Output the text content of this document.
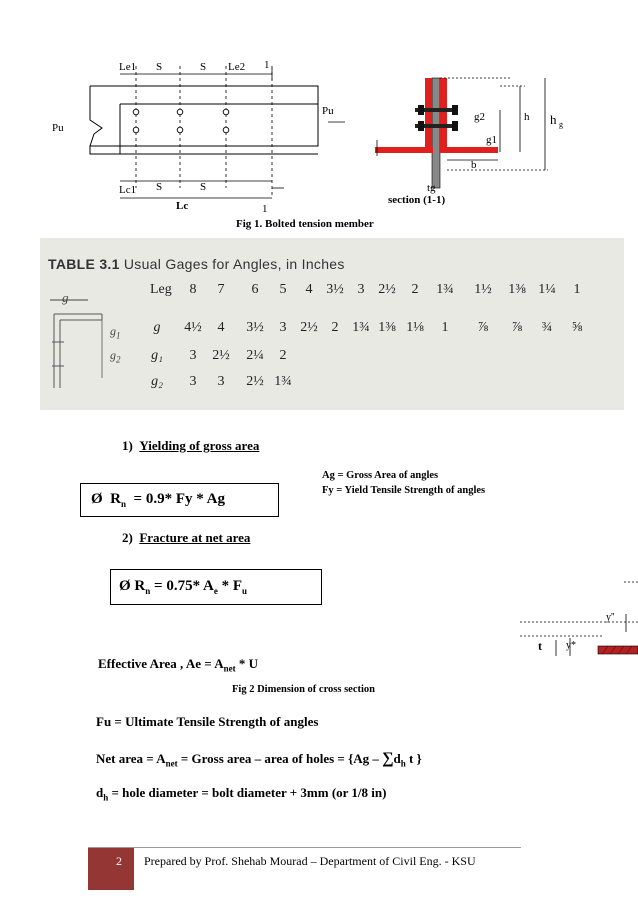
Le1 S	S Le2 1
Pu
Pu
Lc1 S	S
Lc	1
g2	h h g
g1
b
tg
section (1-1)
Fig 1. Bolted tension member
TABLE 3.1 Usual Gages for Angles, in Inches
g
$g_1$
$g_2$
Leg	8	7	6	5	4 3½ 3 2½	2	1¾	1½	1⅜ 1¼	1
g	4½	4	3½	3 2½ 2 1¾ 1⅜ 1⅛	1	⅞	⅞	¾	⅝
g₁	3	2½	2¼	2
g₂	3	3	2½ 1¾
1) Yielding of gross area
Ag = Gross Area of angles
Fy = Yield Tensile Strength of angles
Ø $R_n = 0.9*$ Fy * Ag
2) Fracture at net area
Ø $R_n = 0.75*$ $A_e * F_u$
y''
t y*
Effective Area , $Ae = A_{net} * U$
Fig 2 Dimension of cross section
Fu = Ultimate Tensile Strength of angles
Net area = $A_{net}$ = Gross area – area of holes = {$Ag - \sum d_h$ t }
$d_h$ = hole diameter = bolt diameter + 3mm (or 1/8 in)
2 Prepared by Prof. Shehab Mourad – Department of Civil Eng. - KSU
